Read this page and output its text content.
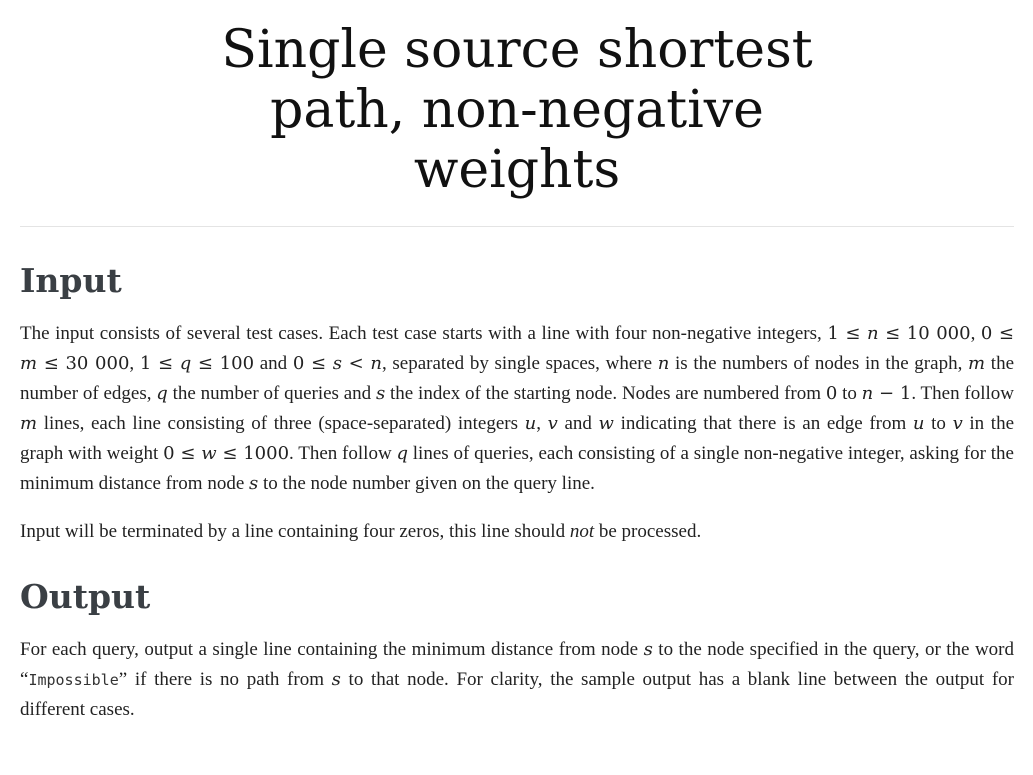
Single source shortest path, non-negative weights
Input

The input consists of several test cases. Each test case starts with a line with four non-negative integers, 1 ≤ n ≤ 10 000, 0 ≤ m ≤ 30 000, 1 ≤ q ≤ 100 and 0 ≤ s < n, separated by single spaces, where n is the numbers of nodes in the graph, m the number of edges, q the number of queries and s the index of the starting node. Nodes are numbered from 0 to n − 1. Then follow m lines, each line consisting of three (space-separated) integers u, v and w indicating that there is an edge from u to v in the graph with weight 0 ≤ w ≤ 1000. Then follow q lines of queries, each consisting of a single non-negative integer, asking for the minimum distance from node s to the node number given on the query line.

Input will be terminated by a line containing four zeros, this line should not be processed.

Output

For each query, output a single line containing the minimum distance from node s to the node specified in the query, or the word “Impossible” if there is no path from s to that node. For clarity, the sample output has a blank line between the output for different cases.
